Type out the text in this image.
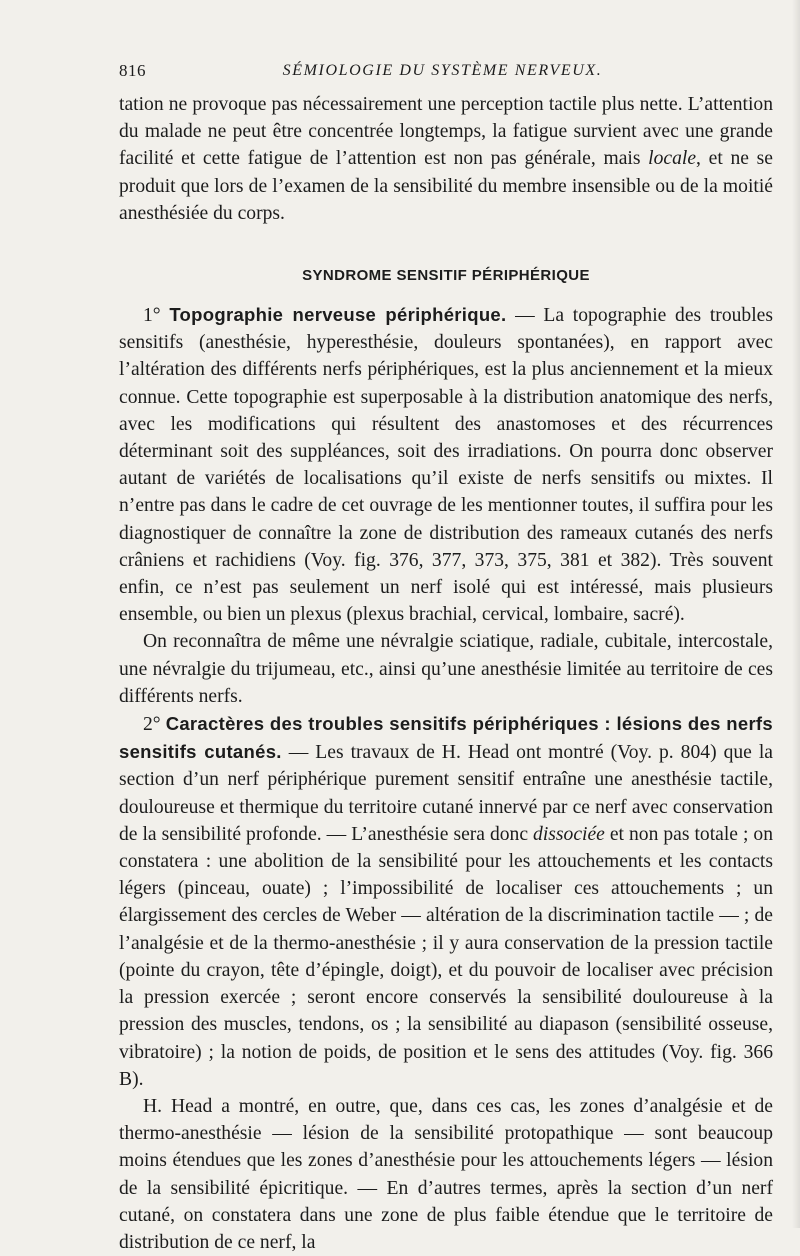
816	SÉMIOLOGIE DU SYSTÈME NERVEUX.

tation ne provoque pas nécessairement une perception tactile plus nette. L’attention du malade ne peut être concentrée longtemps, la fatigue survient avec une grande facilité et cette fatigue de l’attention est non pas générale, mais locale, et ne se produit que lors de l’examen de la sensibilité du membre insensible ou de la moitié anesthésiée du corps.

SYNDROME SENSITIF PÉRIPHÉRIQUE

1° Topographie nerveuse périphérique. — La topographie des troubles sensitifs (anesthésie, hyperesthésie, douleurs spontanées), en rapport avec l’altération des différents nerfs périphériques, est la plus anciennement et la mieux connue. Cette topographie est superposable à la distribution anatomique des nerfs, avec les modifications qui résultent des anastomoses et des récurrences déterminant soit des suppléances, soit des irradiations. On pourra donc observer autant de variétés de localisations qu’il existe de nerfs sensitifs ou mixtes. Il n’entre pas dans le cadre de cet ouvrage de les mentionner toutes, il suffira pour les diagnostiquer de connaître la zone de distribution des rameaux cutanés des nerfs crâniens et rachidiens (Voy. fig. 376, 377, 373, 375, 381 et 382). Très souvent enfin, ce n’est pas seulement un nerf isolé qui est intéressé, mais plusieurs ensemble, ou bien un plexus (plexus brachial, cervical, lombaire, sacré).

On reconnaîtra de même une névralgie sciatique, radiale, cubitale, intercostale, une névralgie du trijumeau, etc., ainsi qu’une anesthésie limitée au territoire de ces différents nerfs.

2° Caractères des troubles sensitifs périphériques : lésions des nerfs sensitifs cutanés. — Les travaux de H. Head ont montré (Voy. p. 804) que la section d’un nerf périphérique purement sensitif entraîne une anesthésie tactile, douloureuse et thermique du territoire cutané innervé par ce nerf avec conservation de la sensibilité profonde. — L’anesthésie sera donc dissociée et non pas totale ; on constatera : une abolition de la sensibilité pour les attouchements et les contacts légers (pinceau, ouate) ; l’impossibilité de localiser ces attouchements ; un élargissement des cercles de Weber — altération de la discrimination tactile — ; de l’analgésie et de la thermo-anesthésie ; il y aura conservation de la pression tactile (pointe du crayon, tête d’épingle, doigt), et du pouvoir de localiser avec précision la pression exercée ; seront encore conservés la sensibilité douloureuse à la pression des muscles, tendons, os ; la sensibilité au diapason (sensibilité osseuse, vibratoire) ; la notion de poids, de position et le sens des attitudes (Voy. fig. 366 B).

H. Head a montré, en outre, que, dans ces cas, les zones d’analgésie et de thermo-anesthésie — lésion de la sensibilité protopathique — sont beaucoup moins étendues que les zones d’anesthésie pour les attouchements légers — lésion de la sensibilité épicritique. — En d’autres termes, après la section d’un nerf cutané, on constatera dans une zone de plus faible étendue que le territoire de distribution de ce nerf, la
